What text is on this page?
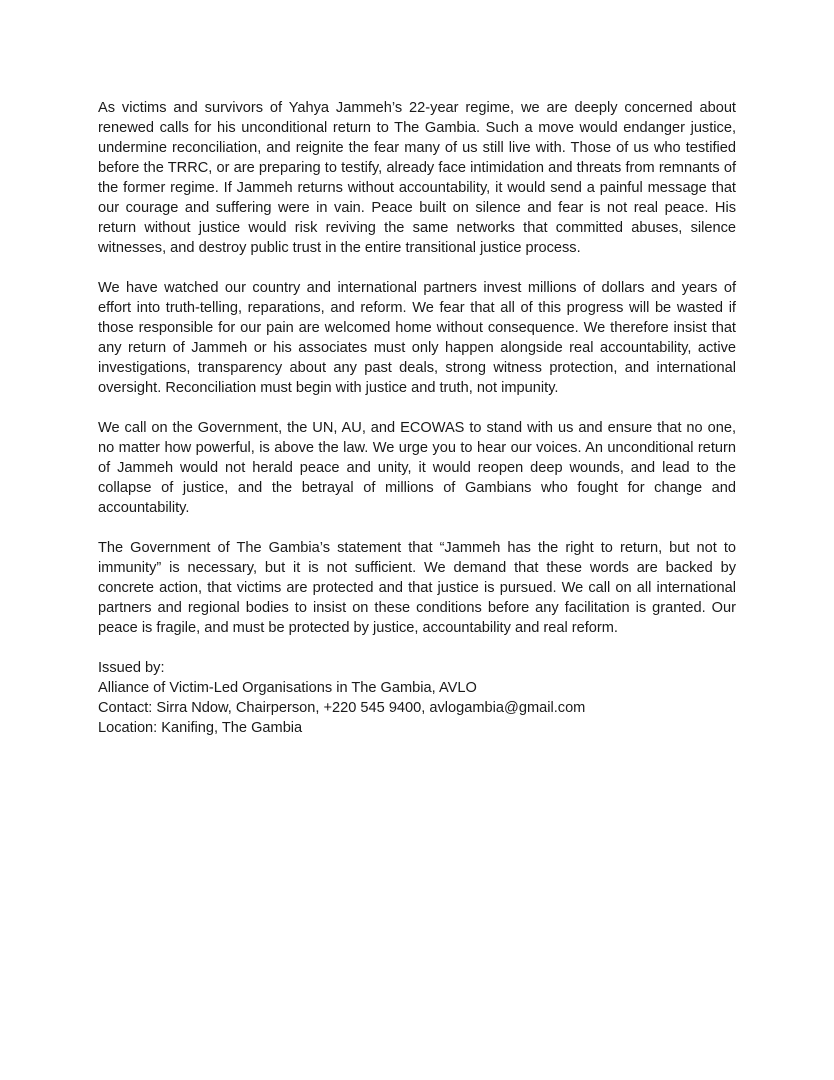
As victims and survivors of Yahya Jammeh’s 22-year regime, we are deeply concerned about renewed calls for his unconditional return to The Gambia. Such a move would endanger justice, undermine reconciliation, and reignite the fear many of us still live with. Those of us who testified before the TRRC, or are preparing to testify, already face intimidation and threats from remnants of the former regime. If Jammeh returns without accountability, it would send a painful message that our courage and suffering were in vain. Peace built on silence and fear is not real peace. His return without justice would risk reviving the same networks that committed abuses, silence witnesses, and destroy public trust in the entire transitional justice process.

We have watched our country and international partners invest millions of dollars and years of effort into truth-telling, reparations, and reform. We fear that all of this progress will be wasted if those responsible for our pain are welcomed home without consequence. We therefore insist that any return of Jammeh or his associates must only happen alongside real accountability, active investigations, transparency about any past deals, strong witness protection, and international oversight. Reconciliation must begin with justice and truth, not impunity.

We call on the Government, the UN, AU, and ECOWAS to stand with us and ensure that no one, no matter how powerful, is above the law. We urge you to hear our voices. An unconditional return of Jammeh would not herald peace and unity, it would reopen deep wounds, and lead to the collapse of justice, and the betrayal of millions of Gambians who fought for change and accountability.

The Government of The Gambia’s statement that “Jammeh has the right to return, but not to immunity” is necessary, but it is not sufficient. We demand that these words are backed by concrete action, that victims are protected and that justice is pursued. We call on all international partners and regional bodies to insist on these conditions before any facilitation is granted. Our peace is fragile, and must be protected by justice, accountability and real reform.

Issued by:

Alliance of Victim-Led Organisations in The Gambia, AVLO

Contact: Sirra Ndow, Chairperson, +220 545 9400, avlogambia@gmail.com

Location: Kanifing, The Gambia
